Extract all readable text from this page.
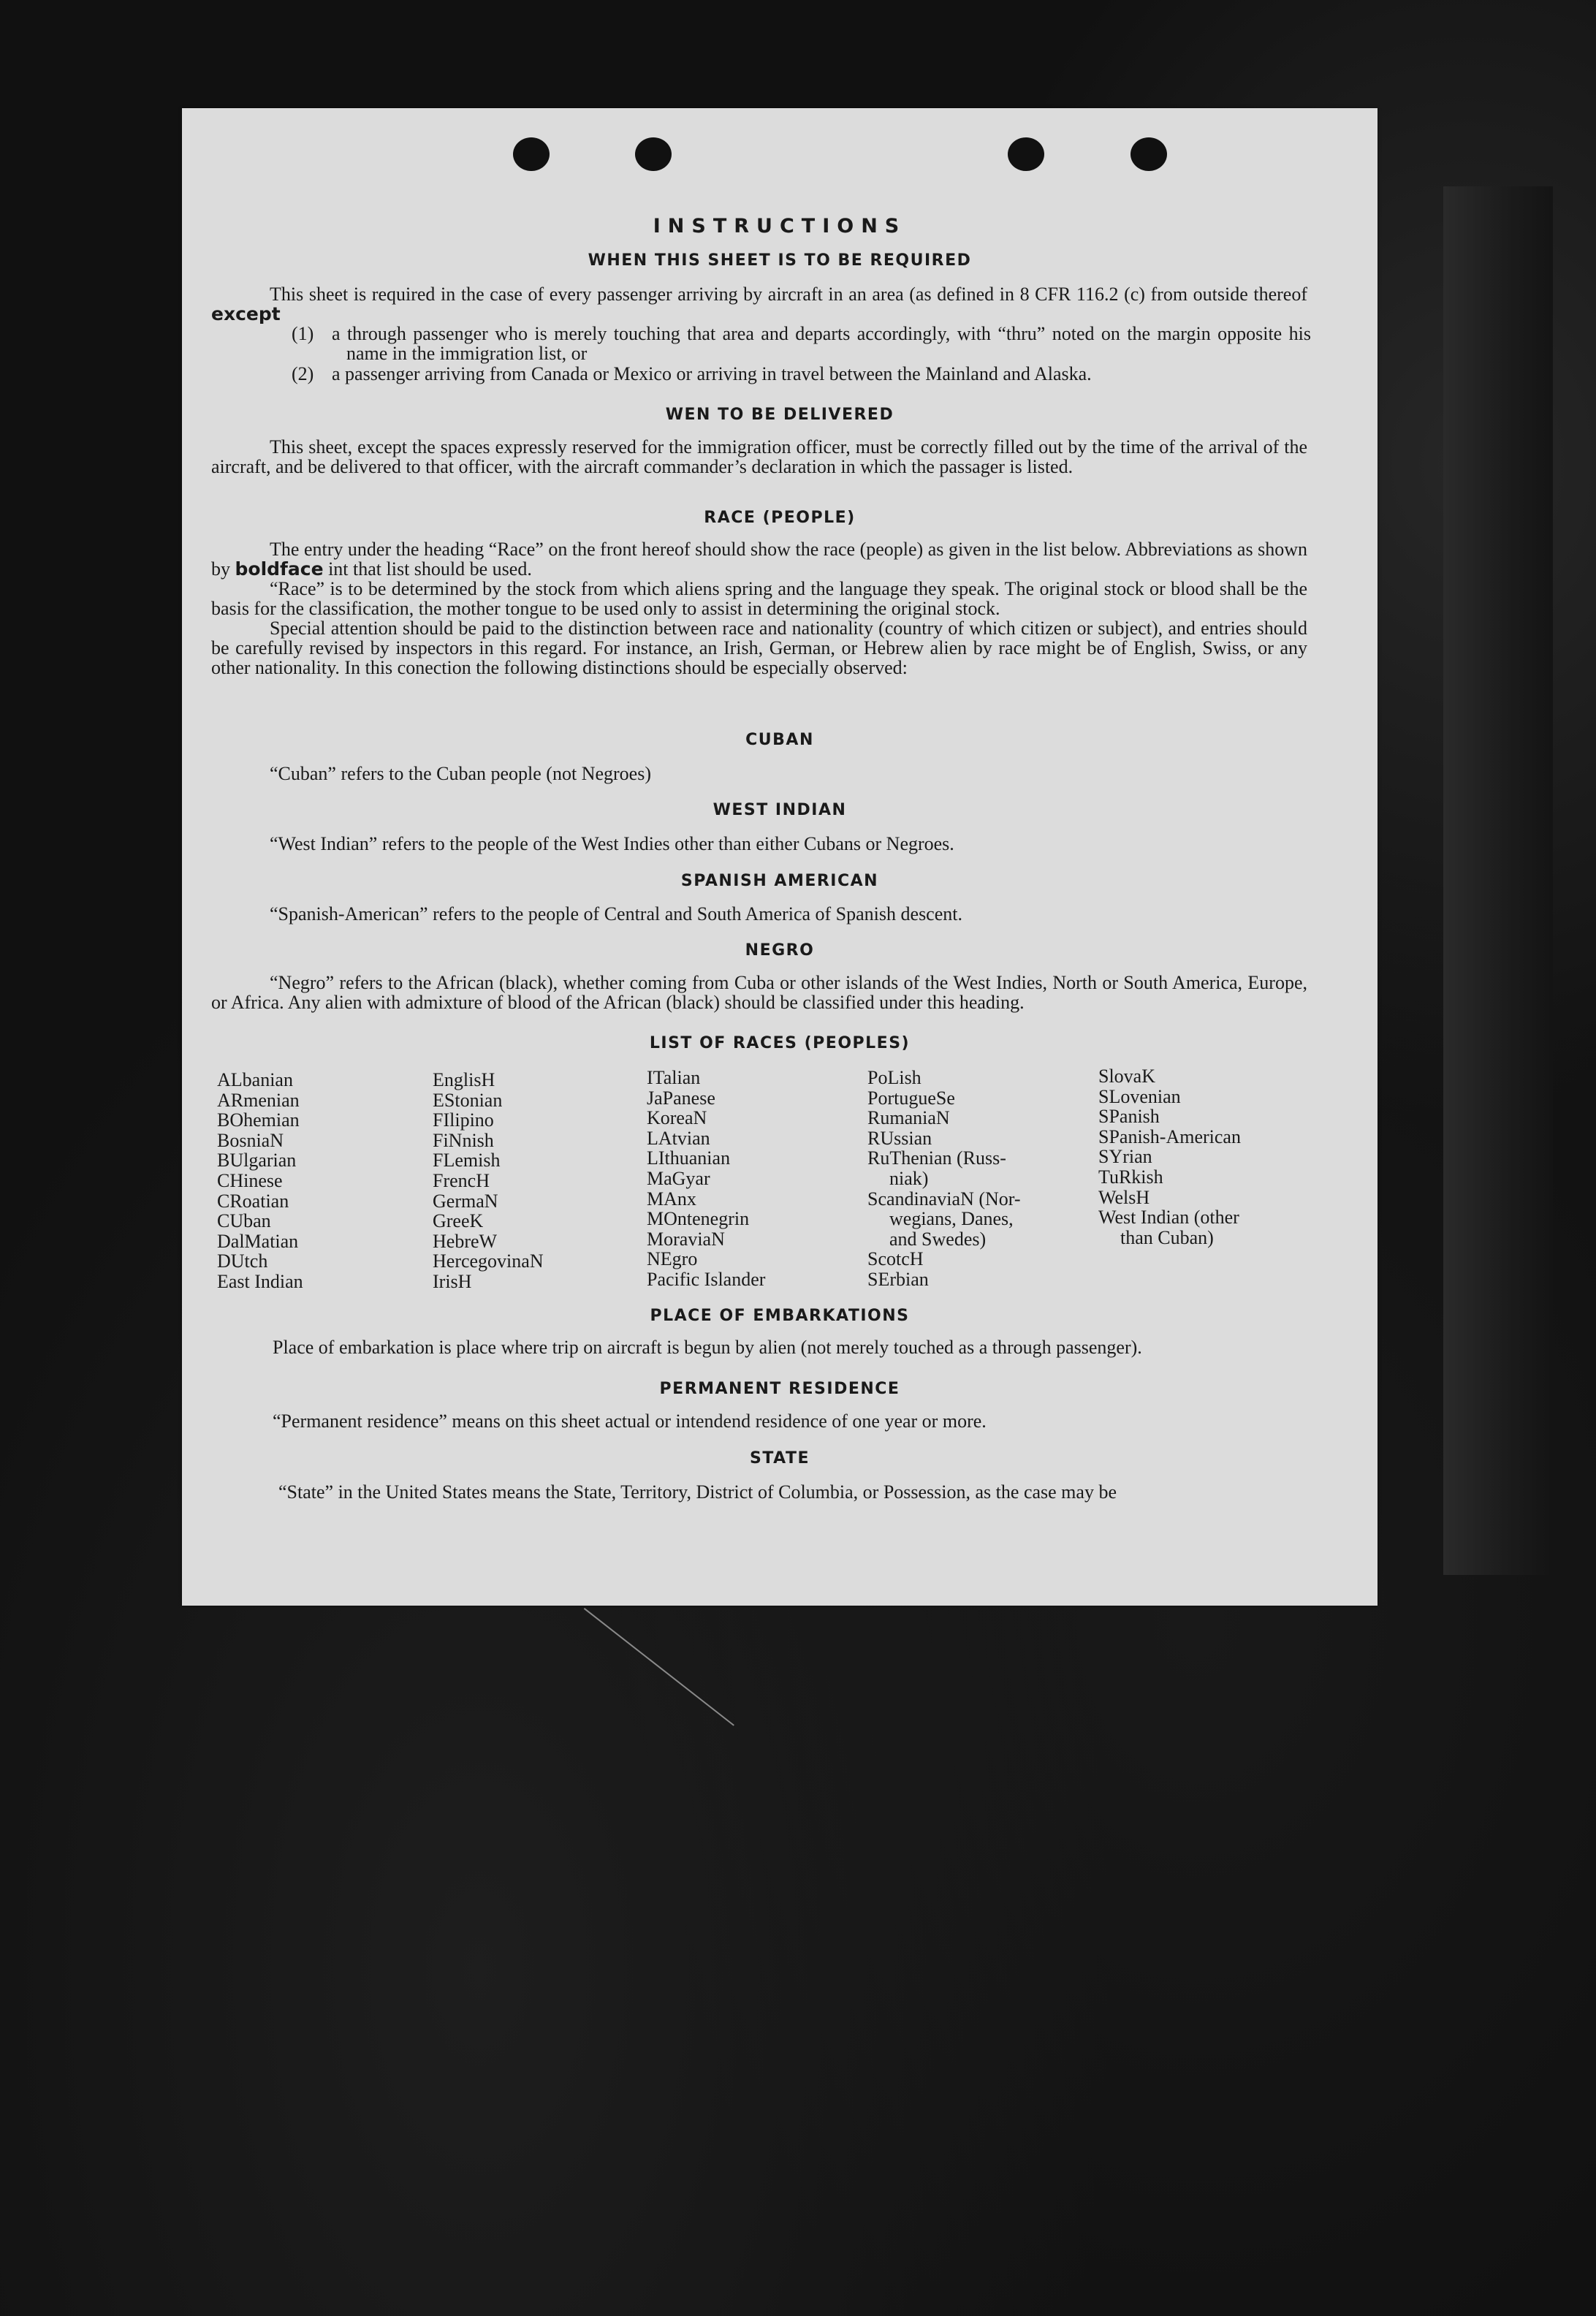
INSTRUCTIONS
WHEN THIS SHEET IS TO BE REQUIRED
This sheet is required in the case of every passenger arriving by aircraft in an area (as defined in 8 CFR 116.2 (c) from outside thereof except
(1) a through passenger who is merely touching that area and departs accordingly, with “thru” noted on the margin opposite his name in the immigration list, or
(2) a passenger arriving from Canada or Mexico or arriving in travel between the Mainland and Alaska.
WEN TO BE DELIVERED
This sheet, except the spaces expressly reserved for the immigration officer, must be correctly filled out by the time of the arrival of the aircraft, and be delivered to that officer, with the aircraft commander’s declaration in which the passager is listed.
RACE (PEOPLE)
The entry under the heading “Race” on the front hereof should show the race (people) as given in the list below. Abbreviations as shown by boldface int that list should be used.
“Race” is to be determined by the stock from which aliens spring and the language they speak. The original stock or blood shall be the basis for the classification, the mother tongue to be used only to assist in determining the original stock.
Special attention should be paid to the distinction between race and nationality (country of which citizen or subject), and entries should be carefully revised by inspectors in this regard. For instance, an Irish, German, or Hebrew alien by race might be of English, Swiss, or any other nationality. In this conection the following distinctions should be especially observed:
CUBAN
“Cuban” refers to the Cuban people (not Negroes)
WEST INDIAN
“West Indian” refers to the people of the West Indies other than either Cubans or Negroes.
SPANISH AMERICAN
“Spanish-American” refers to the people of Central and South America of Spanish descent.
NEGRO
“Negro” refers to the African (black), whether coming from Cuba or other islands of the West Indies, North or South America, Europe, or Africa. Any alien with admixture of blood of the African (black) should be classified under this heading.
LIST OF RACES (PEOPLES)
ALbanian
ARmenian
BOhemian
BosniaN
BUlgarian
CHinese
CRoatian
CUban
DalMatian
DUtch
East Indian
EnglisH
EStonian
FIlipino
FiNnish
FLemish
FrencH
GermaN
GreeK
HebreW
HercegovinaN
IrisH
ITalian
JaPanese
KoreaN
LAtvian
LIthuanian
MaGyar
MAnx
MOntenegrin
MoraviaN
NEgro
Pacific Islander
PoLish
PortugueSe
RumaniaN
RUssian
RuThenian (Russ-
niak)
ScandinaviaN (Nor-
wegians, Danes,
and Swedes)
ScotcH
SErbian
SlovaK
SLovenian
SPanish
SPanish-American
SYrian
TuRkish
WelsH
West Indian (other
than Cuban)
PLACE OF EMBARKATIONS
Place of embarkation is place where trip on aircraft is begun by alien (not merely touched as a through passenger).
PERMANENT RESIDENCE
“Permanent residence” means on this sheet actual or intendend residence of one year or more.
STATE
“State” in the United States means the State, Territory, District of Columbia, or Possession, as the case may be
